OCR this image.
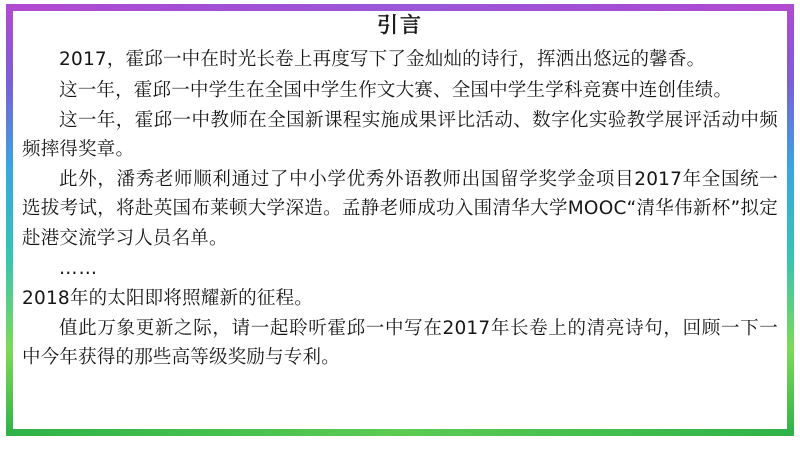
引言

2017，霍邱一中在时光长卷上再度写下了金灿灿的诗行，挥洒出悠远的馨香。

这一年，霍邱一中学生在全国中学生作文大赛、全国中学生学科竞赛中连创佳绩。

这一年，霍邱一中教师在全国新课程实施成果评比活动、数字化实验教学展评活动中频频摔得奖章。

此外，潘秀老师顺利通过了中小学优秀外语教师出国留学奖学金项目2017年全国统一选拔考试，将赴英国布莱顿大学深造。孟静老师成功入围清华大学MOOC“清华伟新杯”拟定赴港交流学习人员名单。

……

2018年的太阳即将照耀新的征程。

值此万象更新之际，请一起聆听霍邱一中写在2017年长卷上的清亮诗句，回顾一下一中今年获得的那些高等级奖励与专利。
